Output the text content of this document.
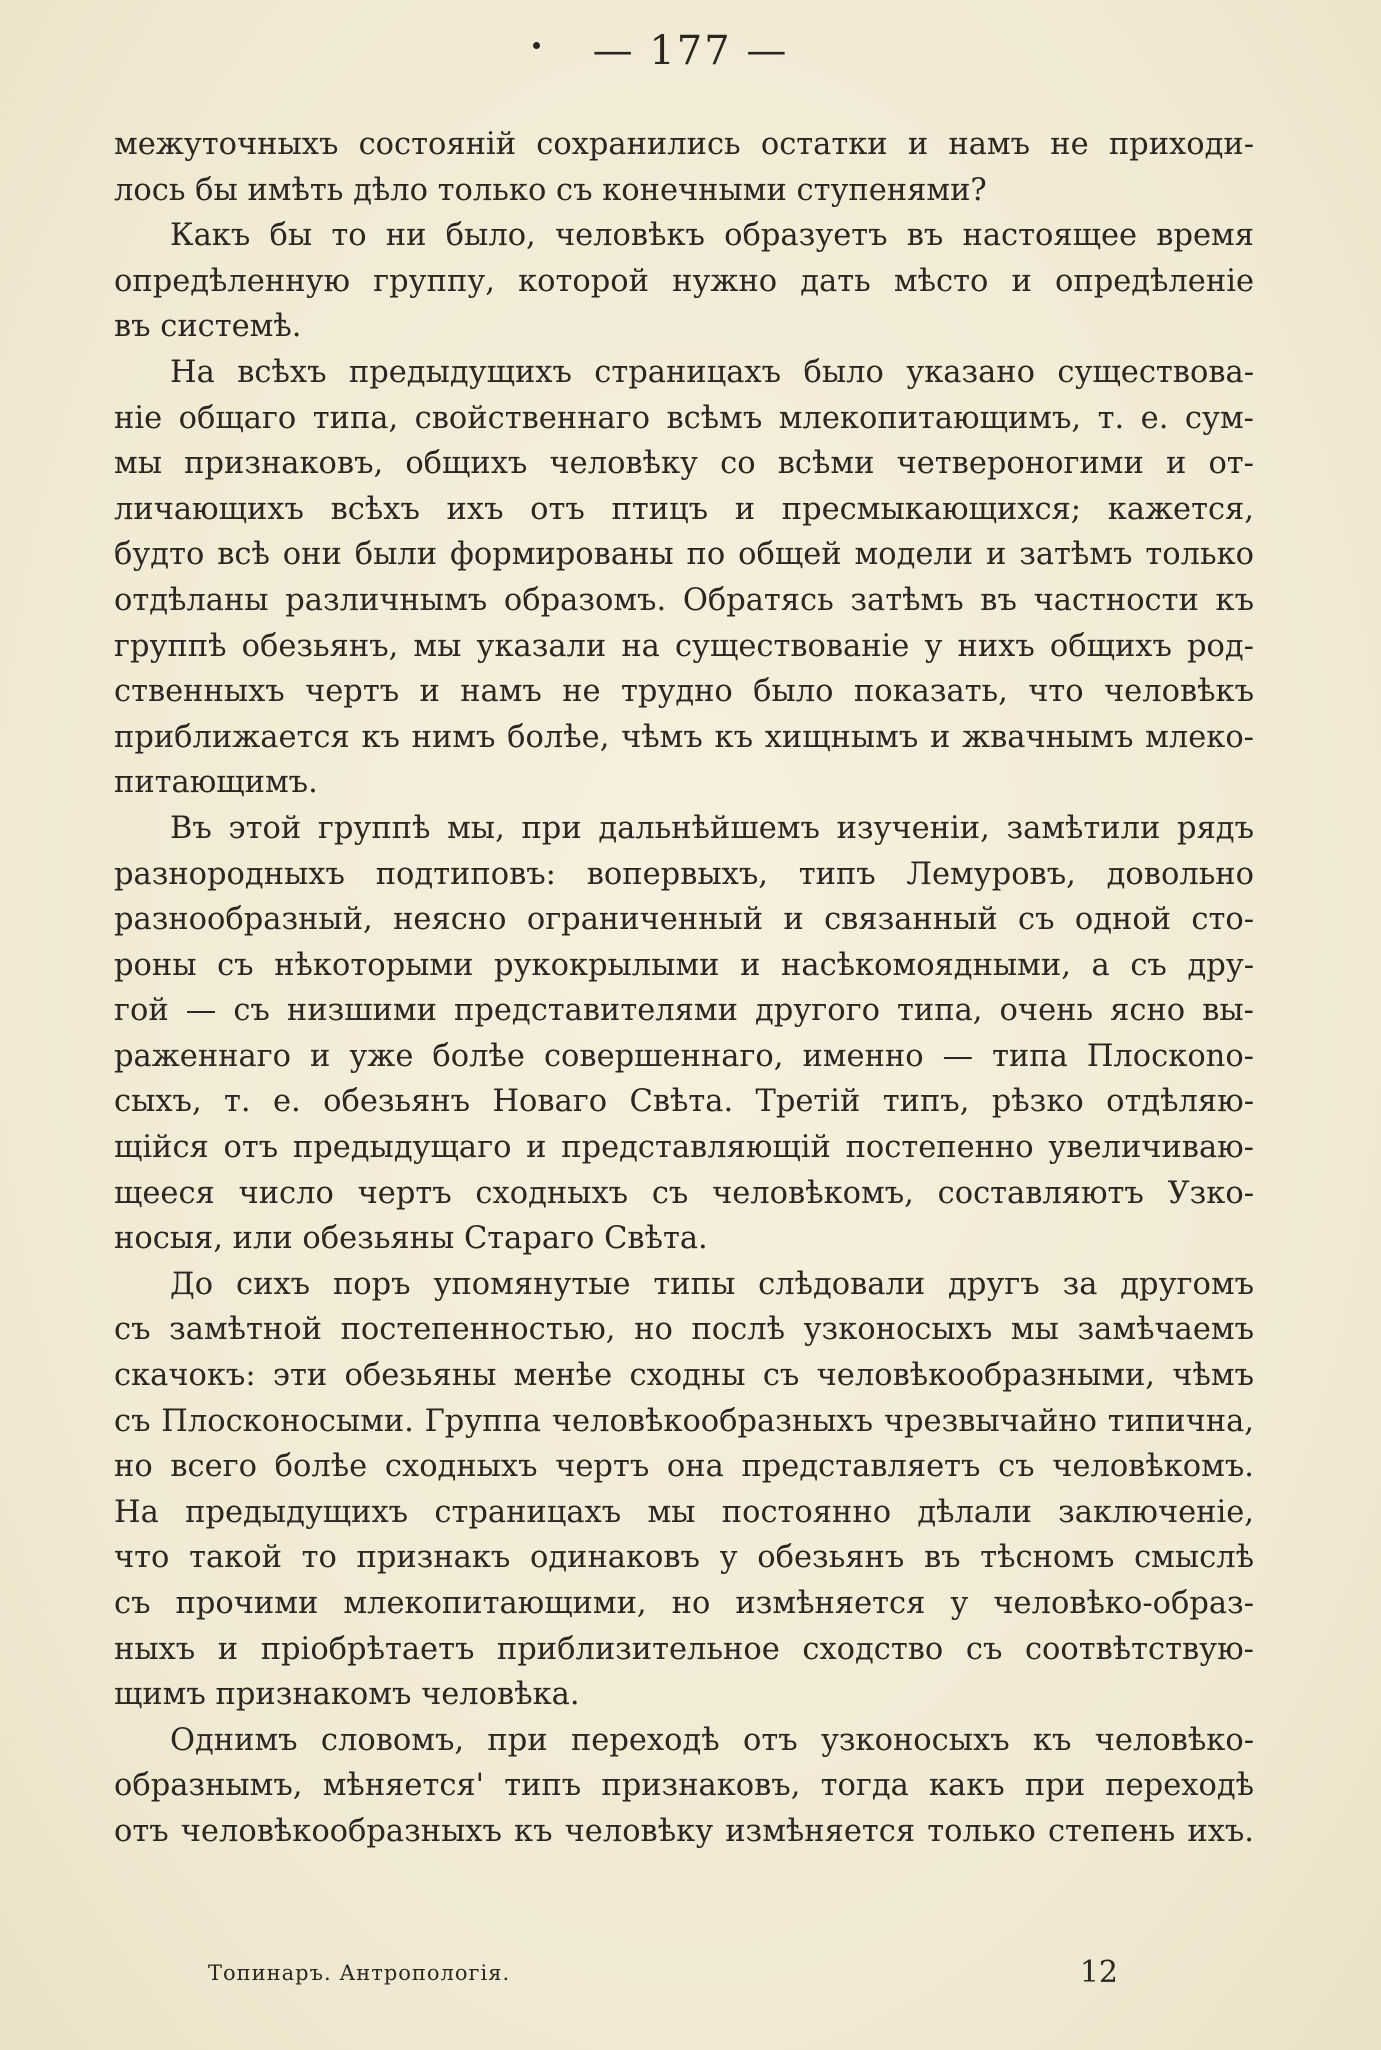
— 177 —
межуточныхъ состоянiй сохранились остатки и намъ не приходи-
лось бы имѣть дѣло только съ конечными ступенями?
Какъ бы то ни было, человѣкъ образуетъ въ настоящее время
опредѣленную группу, которой нужно дать мѣсто и опредѣленiе
въ системѣ.
На всѣхъ предыдущихъ страницахъ было указано существова-
нiе общаго типа, свойственнаго всѣмъ млекопитающимъ, т. е. сум-
мы признаковъ, общихъ человѣку со всѣми четвероногими и от-
личающихъ всѣхъ ихъ отъ птицъ и пресмыкающихся; кажется,
будто всѣ они были формированы по общей модели и затѣмъ только
отдѣланы различнымъ образомъ. Обратясь затѣмъ въ частности къ
группѣ обезьянъ, мы указали на существованiе у нихъ общихъ род-
ственныхъ чертъ и намъ не трудно было показать, что человѣкъ
приближается къ нимъ болѣе, чѣмъ къ хищнымъ и жвачнымъ млеко-
питающимъ.
Въ этой группѣ мы, при дальнѣйшемъ изученiи, замѣтили рядъ
разнородныхъ подтиповъ: вопервыхъ, типъ Лемуровъ, довольно
разнообразный, неясно ограниченный и связанный съ одной сто-
роны съ нѣкоторыми рукокрылыми и насѣкомоядными, а съ дру-
гой — съ низшими представителями другого типа, очень ясно вы-
раженнаго и уже болѣе совершеннаго, именно — типа Плоскono-
сыхъ, т. е. обезьянъ Новаго Свѣта. Третiй типъ, рѣзко отдѣляю-
щiйся отъ предыдущаго и представляющiй постепенно увеличиваю-
щееся число чертъ сходныхъ съ человѣкомъ, составляютъ Узко-
носыя, или обезьяны Стараго Свѣта.
До сихъ поръ упомянутые типы слѣдовали другъ за другомъ
съ замѣтной постепенностью, но послѣ узконосыхъ мы замѣчаемъ
скачокъ: эти обезьяны менѣе сходны съ человѣкообразными, чѣмъ
съ Плосконосыми. Группа человѣкообразныхъ чрезвычайно типична,
но всего болѣе сходныхъ чертъ она представляетъ съ человѣкомъ.
На предыдущихъ страницахъ мы постоянно дѣлали заключенiе,
что такой то признакъ одинаковъ у обезьянъ въ тѣсномъ смыслѣ
съ прочими млекопитающими, но измѣняется у человѣко-образ-
ныхъ и прiобрѣтаетъ приблизительное сходство съ соотвѣтствую-
щимъ признакомъ человѣка.
Однимъ словомъ, при переходѣ отъ узконосыхъ къ человѣко-
образнымъ, мѣняется' типъ признаковъ, тогда какъ при переходѣ
отъ человѣкообразныхъ къ человѣку измѣняется только степень ихъ.
Топинаръ. Антропологiя.	12
